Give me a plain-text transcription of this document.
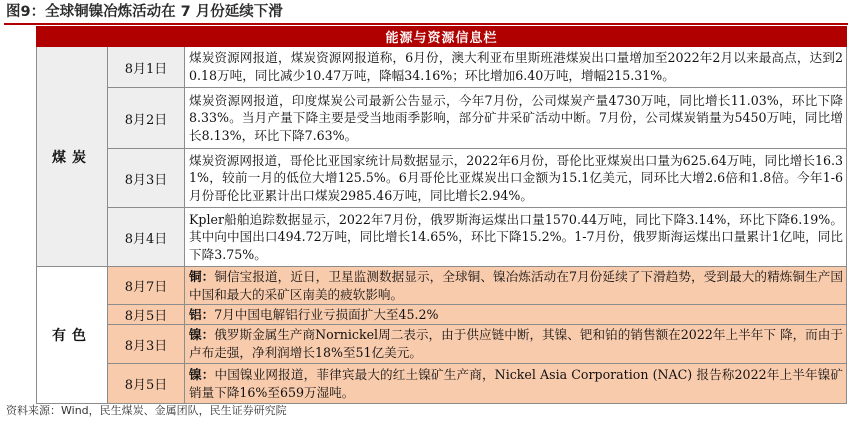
图9：全球铜镍冶炼活动在 7 月份延续下滑
能源与资源信息栏		
煤炭	8月1日	煤炭资源网报道，煤炭资源网报道称，6月份，澳大利亚布里斯班港煤炭出口量增加至2022年2月以来最高点，达到20.18万吨，同比减少10.47万吨，降幅34.16%；环比增加6.40万吨，增幅215.31%。
	8月2日	煤炭资源网报道，印度煤炭公司最新公告显示，今年7月份，公司煤炭产量4730万吨，同比增长11.03%，环比下降8.33%。当月产量下降主要是受当地雨季影响，部分矿井采矿活动中断。7月份，公司煤炭销量为5450万吨，同比增长8.13%，环比下降7.63%。
	8月3日	煤炭资源网报道，哥伦比亚国家统计局数据显示，2022年6月份，哥伦比亚煤炭出口量为625.64万吨，同比增长16.31%，较前一月的低位大增125.5%。6月哥伦比亚煤炭出口金额为15.1亿美元，同环比大增2.6倍和1.8倍。今年1-6月份哥伦比亚累计出口煤炭2985.46万吨，同比增长2.94%。
	8月4日	Kpler船舶追踪数据显示，2022年7月份，俄罗斯海运煤出口量1570.44万吨，同比下降3.14%，环比下降6.19%。其中向中国出口494.72万吨，同比增长14.65%，环比下降15.2%。1-7月份，俄罗斯海运煤出口量累计1亿吨，同比下降3.75%。
有色	8月7日	铜：铜信宝报道，近日，卫星监测数据显示，全球铜、镍冶炼活动在7月份延续了下滑趋势，受到最大的精炼铜生产国中国和最大的采矿区南美的疲软影响。
	8月5日	铝：7月中国电解铝行业亏损面扩大至45.2%
	8月3日	镍：俄罗斯金属生产商Nornickel周二表示，由于供应链中断，其镍、钯和铂的销售额在2022年上半年下 降，而由于卢布走强，净利润增长18%至51亿美元。
	8月5日	镍：中国镍业网报道，菲律宾最大的红土镍矿生产商，Nickel Asia Corporation (NAC) 报告称2022年上半年镍矿销量下降16%至659万湿吨。
资料来源：Wind，民生煤炭、金属团队，民生证券研究院
